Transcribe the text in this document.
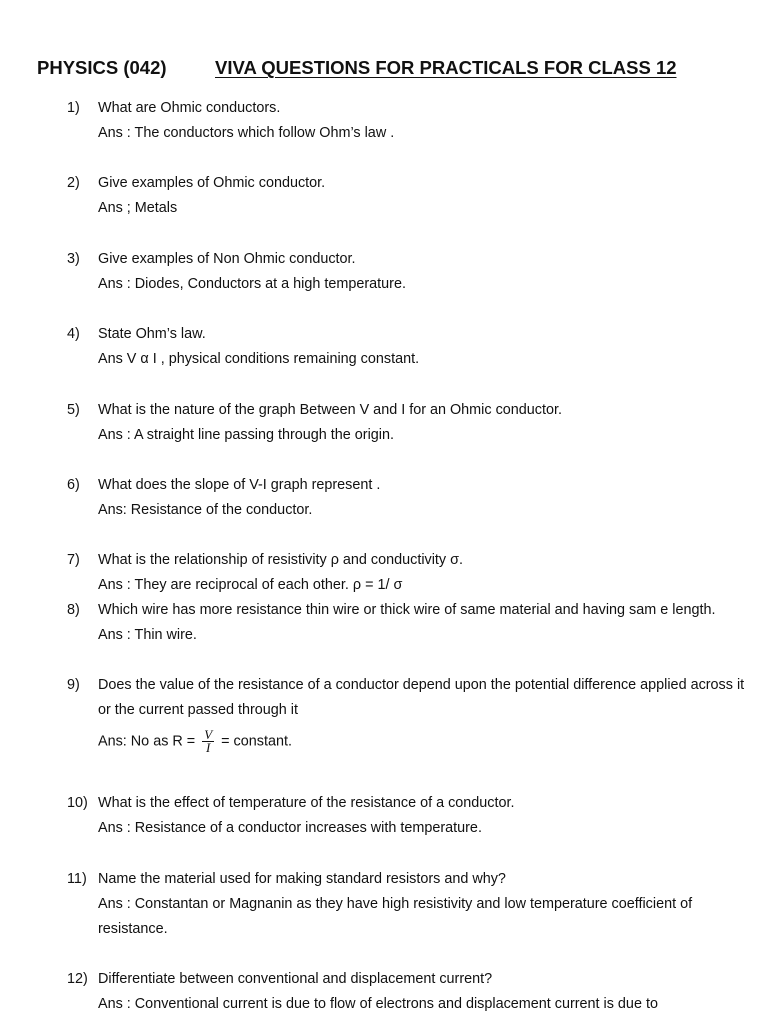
PHYSICS (042)	VIVA QUESTIONS FOR PRACTICALS FOR CLASS 12
1)	What are Ohmic conductors.
Ans : The conductors which follow Ohm’s law .
2)	Give examples of Ohmic conductor.
Ans ; Metals
3)	Give examples of Non Ohmic conductor.
Ans : Diodes, Conductors at a high temperature.
4)	State Ohm’s law.
Ans V α I , physical conditions remaining constant.
5)	What is the nature of the graph Between V and I for an Ohmic conductor.
Ans : A straight line passing through the origin.
6)	What does the slope of V-I graph represent .
Ans: Resistance of the conductor.
7)	What is the relationship of resistivity ρ and conductivity σ.
Ans : They are reciprocal of each other. ρ = 1/ σ
8)	Which wire has more resistance thin wire or thick wire of same material and having sam e length.
Ans : Thin wire.
9)	Does the value of the resistance of a conductor depend upon the potential difference applied across it or the current passed through it
Ans: No as $R = \frac{V}{I}$ = constant.
10) What is the effect of temperature of the resistance of a conductor.
Ans : Resistance of a conductor increases with temperature.
11) Name the material used for making standard resistors and why?
Ans : Constantan or Magnanin as they have high resistivity and low temperature coefficient of resistance.
12) Differentiate between conventional and displacement current?
Ans : Conventional current is due to flow of electrons and displacement current is due to
